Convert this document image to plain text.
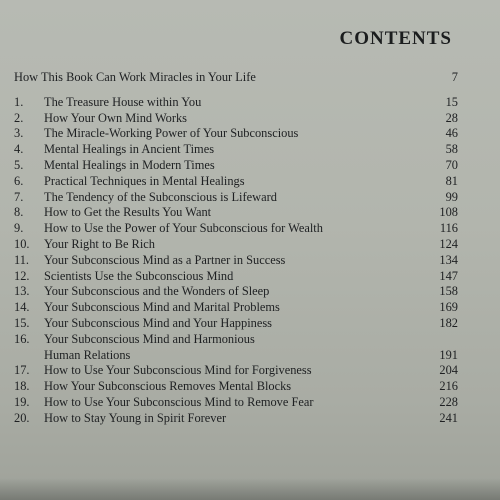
CONTENTS
How This Book Can Work Miracles in Your Life	7
1. The Treasure House within You	15
2. How Your Own Mind Works	28
3. The Miracle-Working Power of Your Subconscious	46
4. Mental Healings in Ancient Times	58
5. Mental Healings in Modern Times	70
6. Practical Techniques in Mental Healings	81
7. The Tendency of the Subconscious is Lifeward	99
8. How to Get the Results You Want	108
9. How to Use the Power of Your Subconscious for Wealth	116
10. Your Right to Be Rich	124
11. Your Subconscious Mind as a Partner in Success	134
12. Scientists Use the Subconscious Mind	147
13. Your Subconscious and the Wonders of Sleep	158
14. Your Subconscious Mind and Marital Problems	169
15. Your Subconscious Mind and Your Happiness	182
16. Your Subconscious Mind and Harmonious
Human Relations	191
17. How to Use Your Subconscious Mind for Forgiveness	204
18. How Your Subconscious Removes Mental Blocks	216
19. How to Use Your Subconscious Mind to Remove Fear	228
20. How to Stay Young in Spirit Forever	241
